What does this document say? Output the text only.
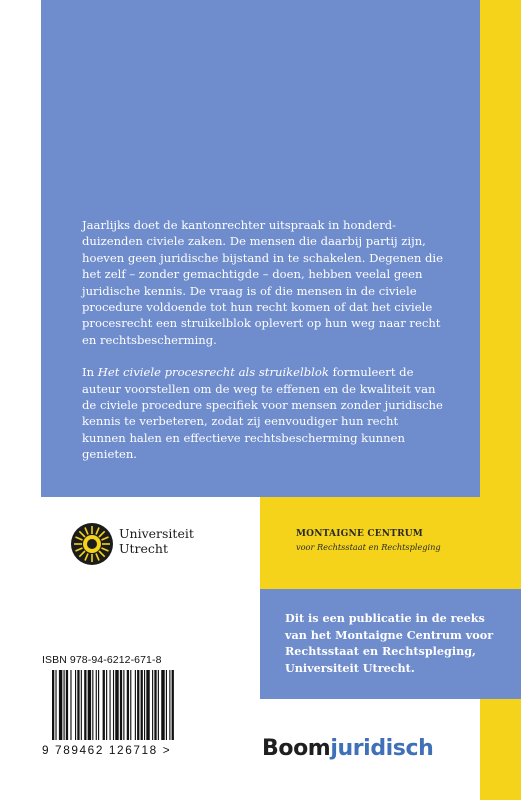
Jaarlijks doet de kantonrechter uitspraak in honderd-duizenden civiele zaken. De mensen die daarbij partij zijn, hoeven geen juridische bijstand in te schakelen. Degenen die het zelf – zonder gemachtigde – doen, hebben veelal geen juridische kennis. De vraag is of die mensen in de civiele procedure voldoende tot hun recht komen of dat het civiele procesrecht een struikelblok oplevert op hun weg naar recht en rechtsbescherming.

In Het civiele procesrecht als struikelblok formuleert de auteur voorstellen om de weg te effenen en de kwaliteit van de civiele procedure specifiek voor mensen zonder juridische kennis te verbeteren, zodat zij eenvoudiger hun recht kunnen halen en effectieve rechtsbescherming kunnen genieten.

Universiteit
Utrecht
MONTAIGNE CENTRUM
voor Rechtsstaat en Rechtspleging
Dit is een publicatie in de reeks van het Montaigne Centrum voor Rechtsstaat en Rechtspleging, Universiteit Utrecht.
ISBN 978-94-6212-671-8
9 789462 126718 >	Boomjuridisch
